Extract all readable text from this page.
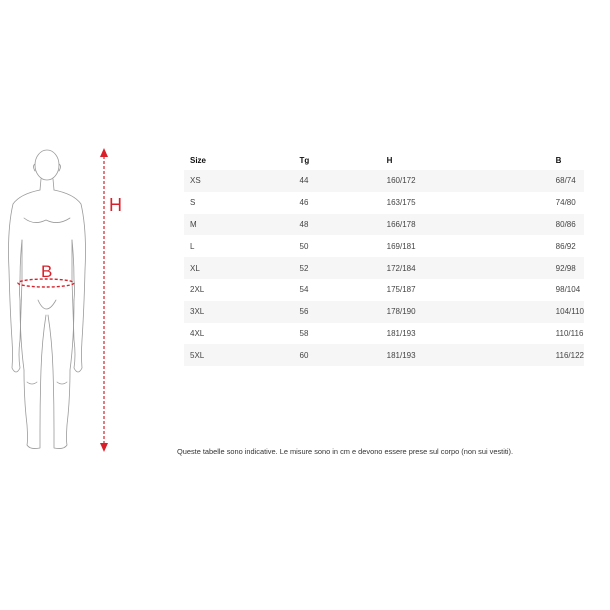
B
H
Size	Tg	H	B
XS	44	160/172	68/74
S	46	163/175	74/80
M	48	166/178	80/86
L	50	169/181	86/92
XL	52	172/184	92/98
2XL	54	175/187	98/104
3XL	56	178/190	104/110
4XL	58	181/193	110/116
5XL	60	181/193	116/122
Queste tabelle sono indicative. Le misure sono in cm e devono essere prese sul corpo (non sui vestiti).
